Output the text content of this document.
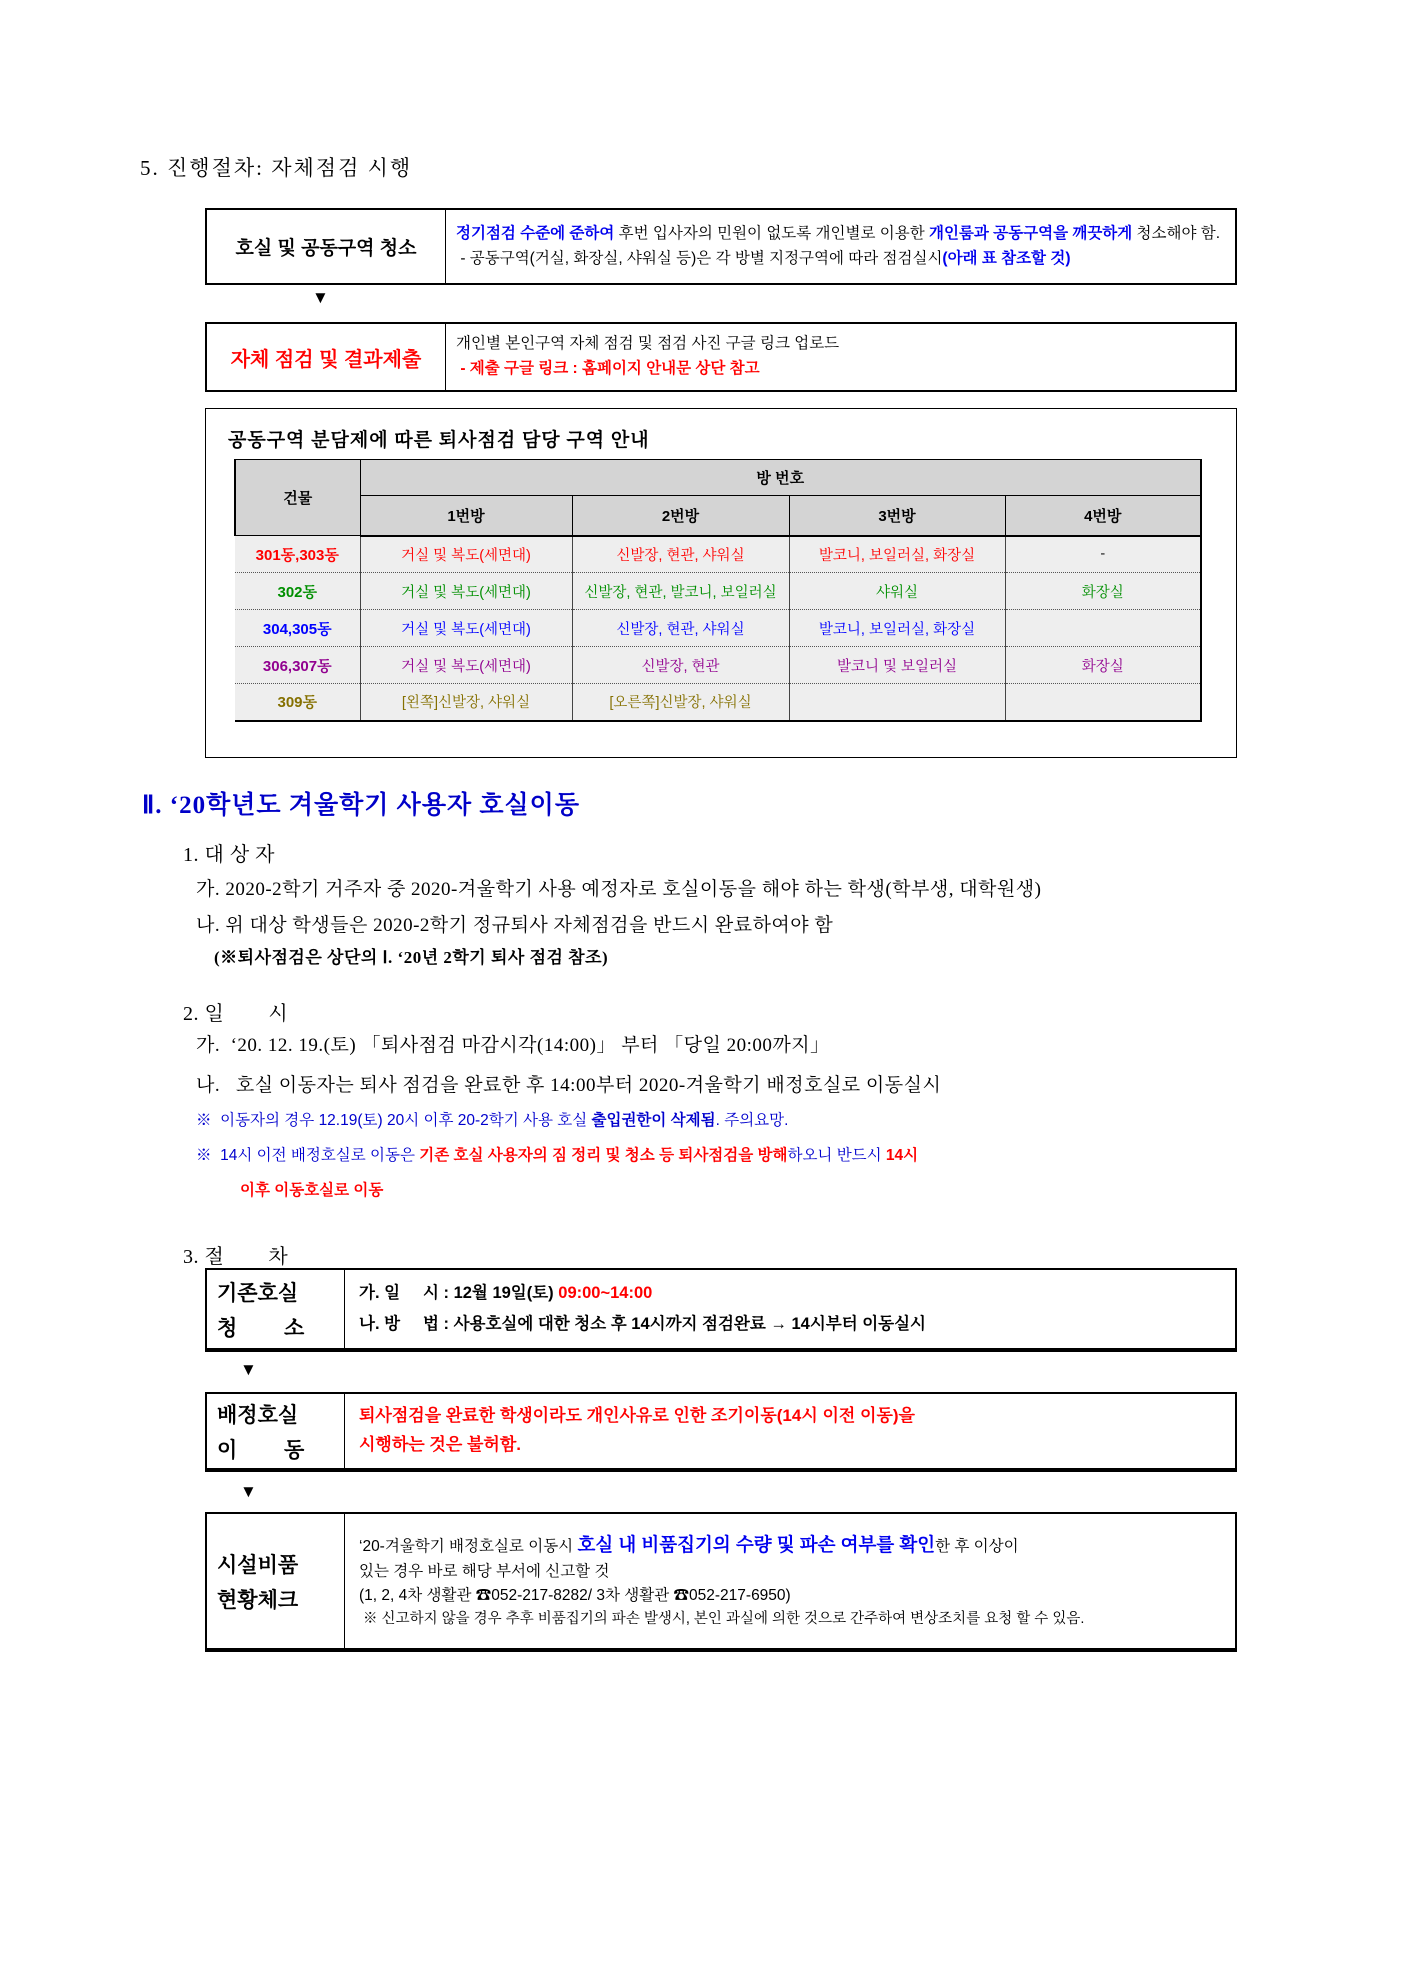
5. 진행절차: 자체점검 시행
호실 및 공동구역 청소
정기점검 수준에 준하여 후번 입사자의 민원이 없도록 개인별로 이용한 개인룸과 공동구역을 깨끗하게 청소해야 함.
- 공동구역(거실, 화장실, 샤워실 등)은 각 방별 지정구역에 따라 점검실시(아래 표 참조할 것)
▼
자체 점검 및 결과제출
개인별 본인구역 자체 점검 및 점검 사진 구글 링크 업로드
- 제출 구글 링크 : 홈페이지 안내문 상단 참고
공동구역 분담제에 따른 퇴사점검 담당 구역 안내
건물	방 번호			
	1번방	2번방	3번방	4번방
301동,303동	거실 및 복도(세면대)	신발장, 현관, 샤워실	발코니, 보일러실, 화장실	-
302동	거실 및 복도(세면대)	신발장, 현관, 발코니, 보일러실	샤워실	화장실
304,305동	거실 및 복도(세면대)	신발장, 현관, 샤워실	발코니, 보일러실, 화장실	
306,307동	거실 및 복도(세면대)	신발장, 현관	발코니 및 보일러실	화장실
309동	[왼쪽]신발장, 샤워실	[오른쪽]신발장, 샤워실		
Ⅱ. ‘20학년도 겨울학기 사용자 호실이동
1. 대 상 자
가. 2020-2학기 거주자 중 2020-겨울학기 사용 예정자로 호실이동을 해야 하는 학생(학부생, 대학원생)
나. 위 대상 학생들은 2020-2학기 정규퇴사 자체점검을 반드시 완료하여야 함
(※퇴사점검은 상단의 Ⅰ. ‘20년 2학기 퇴사 점검 참조)
2. 일        시
가.  ‘20. 12. 19.(토) 「퇴사점검 마감시각(14:00)」 부터 「당일 20:00까지」
나.   호실 이동자는 퇴사 점검을 완료한 후 14:00부터 2020-겨울학기 배정호실로 이동실시
※  이동자의 경우 12.19(토) 20시 이후 20-2학기 사용 호실 출입권한이 삭제됨. 주의요망.
※  14시 이전 배정호실로 이동은 기존 호실 사용자의 짐 정리 및 청소 등 퇴사점검을 방해하오니 반드시 14시
이후 이동호실로 이동
3. 절        차
기존호실
청        소
가. 일     시 : 12월 19일(토) 09:00~14:00
나. 방     법 : 사용호실에 대한 청소 후 14시까지 점검완료 → 14시부터 이동실시
▼
배정호실
이        동
퇴사점검을 완료한 학생이라도 개인사유로 인한 조기이동(14시 이전 이동)을
시행하는 것은 불허함.
▼
시설비품
현황체크
‘20-겨울학기 배정호실로 이동시 호실 내 비품집기의 수량 및 파손 여부를 확인한 후 이상이
있는 경우 바로 해당 부서에 신고할 것
(1, 2, 4차 생활관 ☎052-217-8282/ 3차 생활관 ☎052-217-6950)
※ 신고하지 않을 경우 추후 비품집기의 파손 발생시, 본인 과실에 의한 것으로 간주하여 변상조치를 요청 할 수 있음.
